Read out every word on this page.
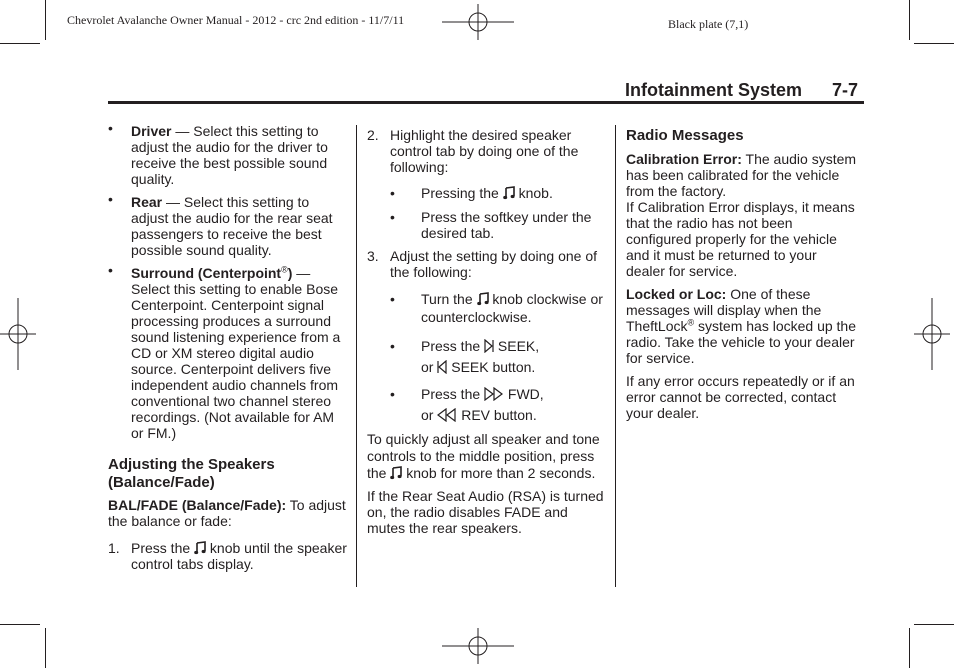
Chevrolet Avalanche Owner Manual - 2012 - crc 2nd edition - 11/7/11	Black plate (7,1)
Infotainment System 7-7

• Driver — Select this setting to adjust the audio for the driver to receive the best possible sound quality.

• Rear — Select this setting to adjust the audio for the rear seat passengers to receive the best possible sound quality.

• Surround (Centerpoint®) — Select this setting to enable Bose Centerpoint. Centerpoint signal processing produces a surround sound listening experience from a CD or XM stereo digital audio source. Centerpoint delivers five independent audio channels from conventional two channel stereo recordings. (Not available for AM or FM.)

Adjusting the Speakers (Balance/Fade)

BAL/FADE (Balance/Fade): To adjust the balance or fade:

1. Press the  knob until the speaker control tabs display.

2. Highlight the desired speaker control tab by doing one of the following:

• Pressing the  knob.

• Press the softkey under the desired tab.

3. Adjust the setting by doing one of the following:

• Turn the  knob clockwise or counterclockwise.

• Press the  SEEK,
or  SEEK button.

• Press the  FWD,
or  REV button.

To quickly adjust all speaker and tone controls to the middle position, press the  knob for more than 2 seconds.

If the Rear Seat Audio (RSA) is turned on, the radio disables FADE and mutes the rear speakers.

Radio Messages

Calibration Error: The audio system has been calibrated for the vehicle from the factory.

If Calibration Error displays, it means that the radio has not been configured properly for the vehicle and it must be returned to your dealer for service.

Locked or Loc: One of these messages will display when the TheftLock® system has locked up the radio. Take the vehicle to your dealer for service.

If any error occurs repeatedly or if an error cannot be corrected, contact your dealer.
